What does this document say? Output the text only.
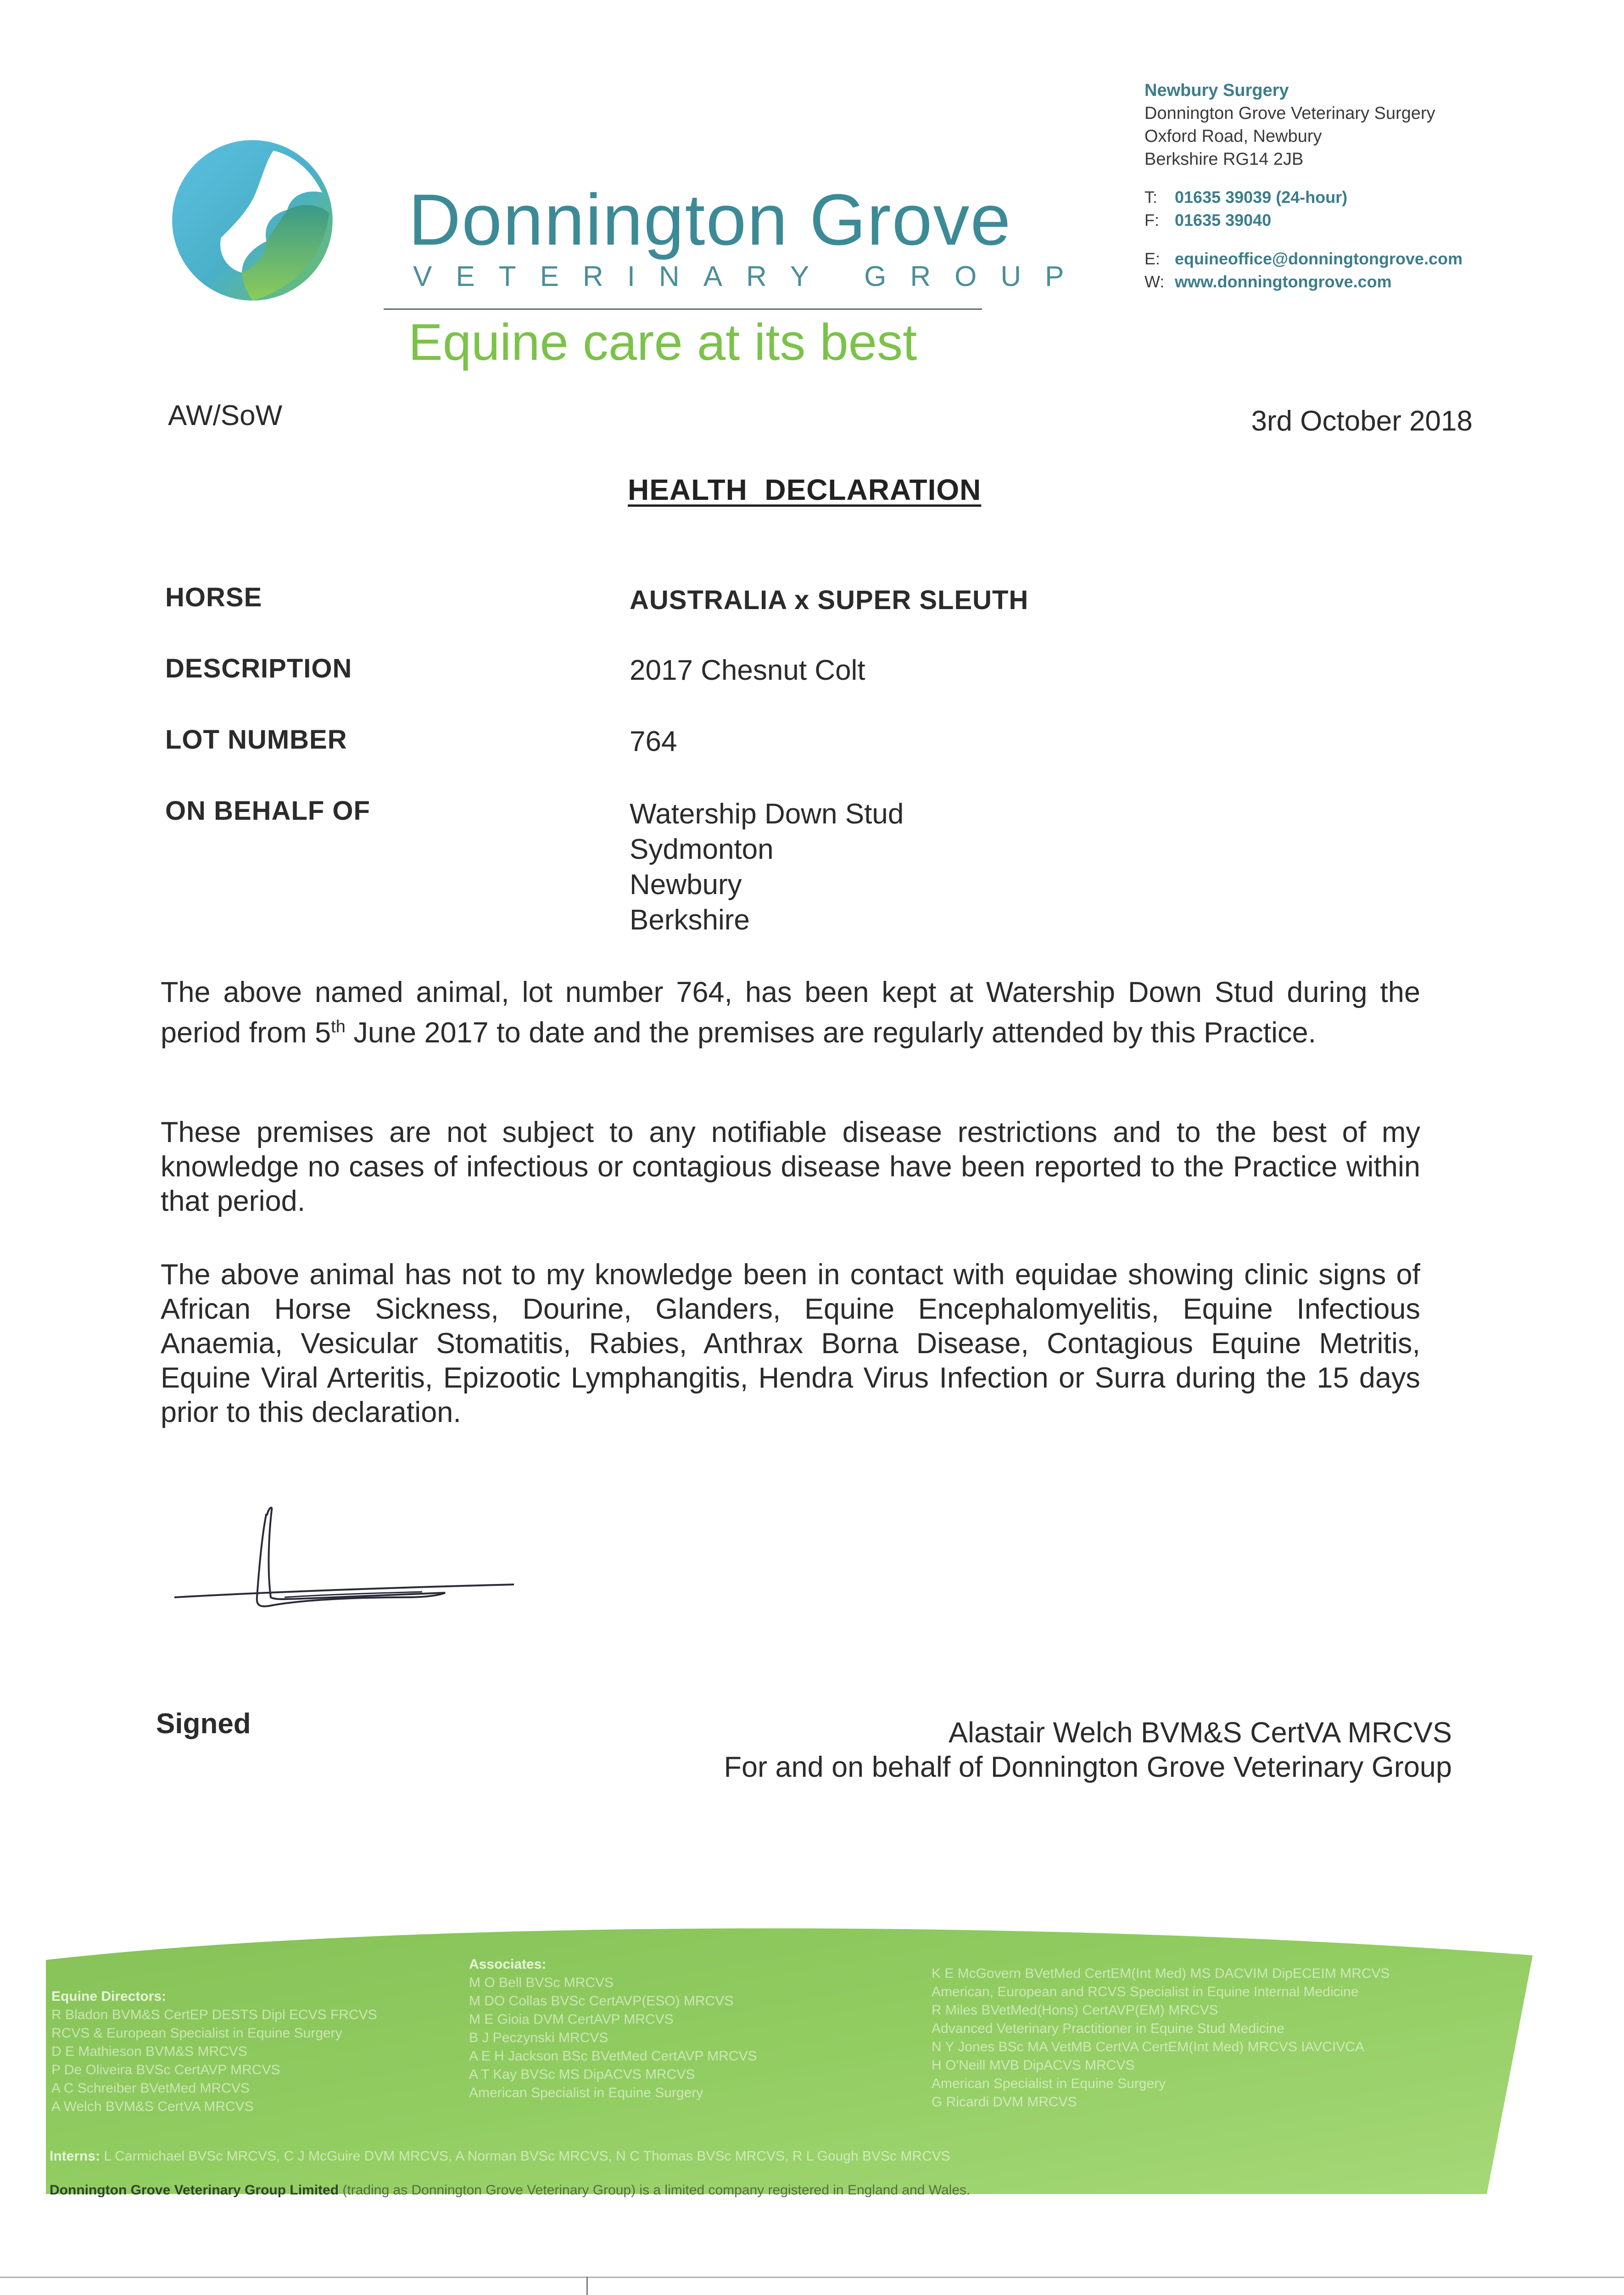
Donnington Grove
VETERINARY GROUP
Equine care at its best
Newbury Surgery
Donnington Grove Veterinary Surgery
Oxford Road, Newbury
Berkshire RG14 2JB
T: 01635 39039 (24-hour)
F: 01635 39040
E: equineoffice@donningtongrove.com
W: www.donningtongrove.com
AW/SoW	3rd October 2018
HEALTH  DECLARATION
HORSE	AUSTRALIA x SUPER SLEUTH
DESCRIPTION	2017 Chesnut Colt
LOT NUMBER	764
ON BEHALF OF	Watership Down Stud
Sydmonton
Newbury
Berkshire
The above named animal, lot number 764, has been kept at Watership Down Stud during the period from 5th June 2017 to date and the premises are regularly attended by this Practice.
These premises are not subject to any notifiable disease restrictions and to the best of my knowledge no cases of infectious or contagious disease have been reported to the Practice within that period.
The above animal has not to my knowledge been in contact with equidae showing clinic signs of African Horse Sickness, Dourine, Glanders, Equine Encephalomyelitis, Equine Infectious Anaemia, Vesicular Stomatitis, Rabies, Anthrax Borna Disease, Contagious Equine Metritis, Equine Viral Arteritis, Epizootic Lymphangitis, Hendra Virus Infection or Surra during the 15 days prior to this declaration.
Signed	Alastair Welch BVM&S CertVA MRCVS
For and on behalf of Donnington Grove Veterinary Group
Equine Directors:
R Bladon BVM&S CertEP DESTS Dipl ECVS FRCVS
RCVS & European Specialist in Equine Surgery
D E Mathieson BVM&S MRCVS
P De Oliveira BVSc CertAVP MRCVS
A C Schreiber BVetMed MRCVS
A Welch BVM&S CertVA MRCVS
Associates:
M O Bell BVSc MRCVS
M DO Collas BVSc CertAVP(ESO) MRCVS
M E Gioia DVM CertAVP MRCVS
B J Peczynski MRCVS
A E H Jackson BSc BVetMed CertAVP MRCVS
A T Kay BVSc MS DipACVS MRCVS
American Specialist in Equine Surgery
K E McGovern BVetMed CertEM(Int Med) MS DACVIM DipECEIM MRCVS
American, European and RCVS Specialist in Equine Internal Medicine
R Miles BVetMed(Hons) CertAVP(EM) MRCVS
Advanced Veterinary Practitioner in Equine Stud Medicine
N Y Jones BSc MA VetMB CertVA CertEM(Int Med) MRCVS IAVCIVCA
H O'Neill MVB DipACVS MRCVS
American Specialist in Equine Surgery
G Ricardi DVM MRCVS
Interns: L Carmichael BVSc MRCVS, C J McGuire DVM MRCVS, A Norman BVSc MRCVS, N C Thomas BVSc MRCVS, R L Gough BVSc MRCVS
Donnington Grove Veterinary Group Limited (trading as Donnington Grove Veterinary Group) is a limited company registered in England and Wales.
